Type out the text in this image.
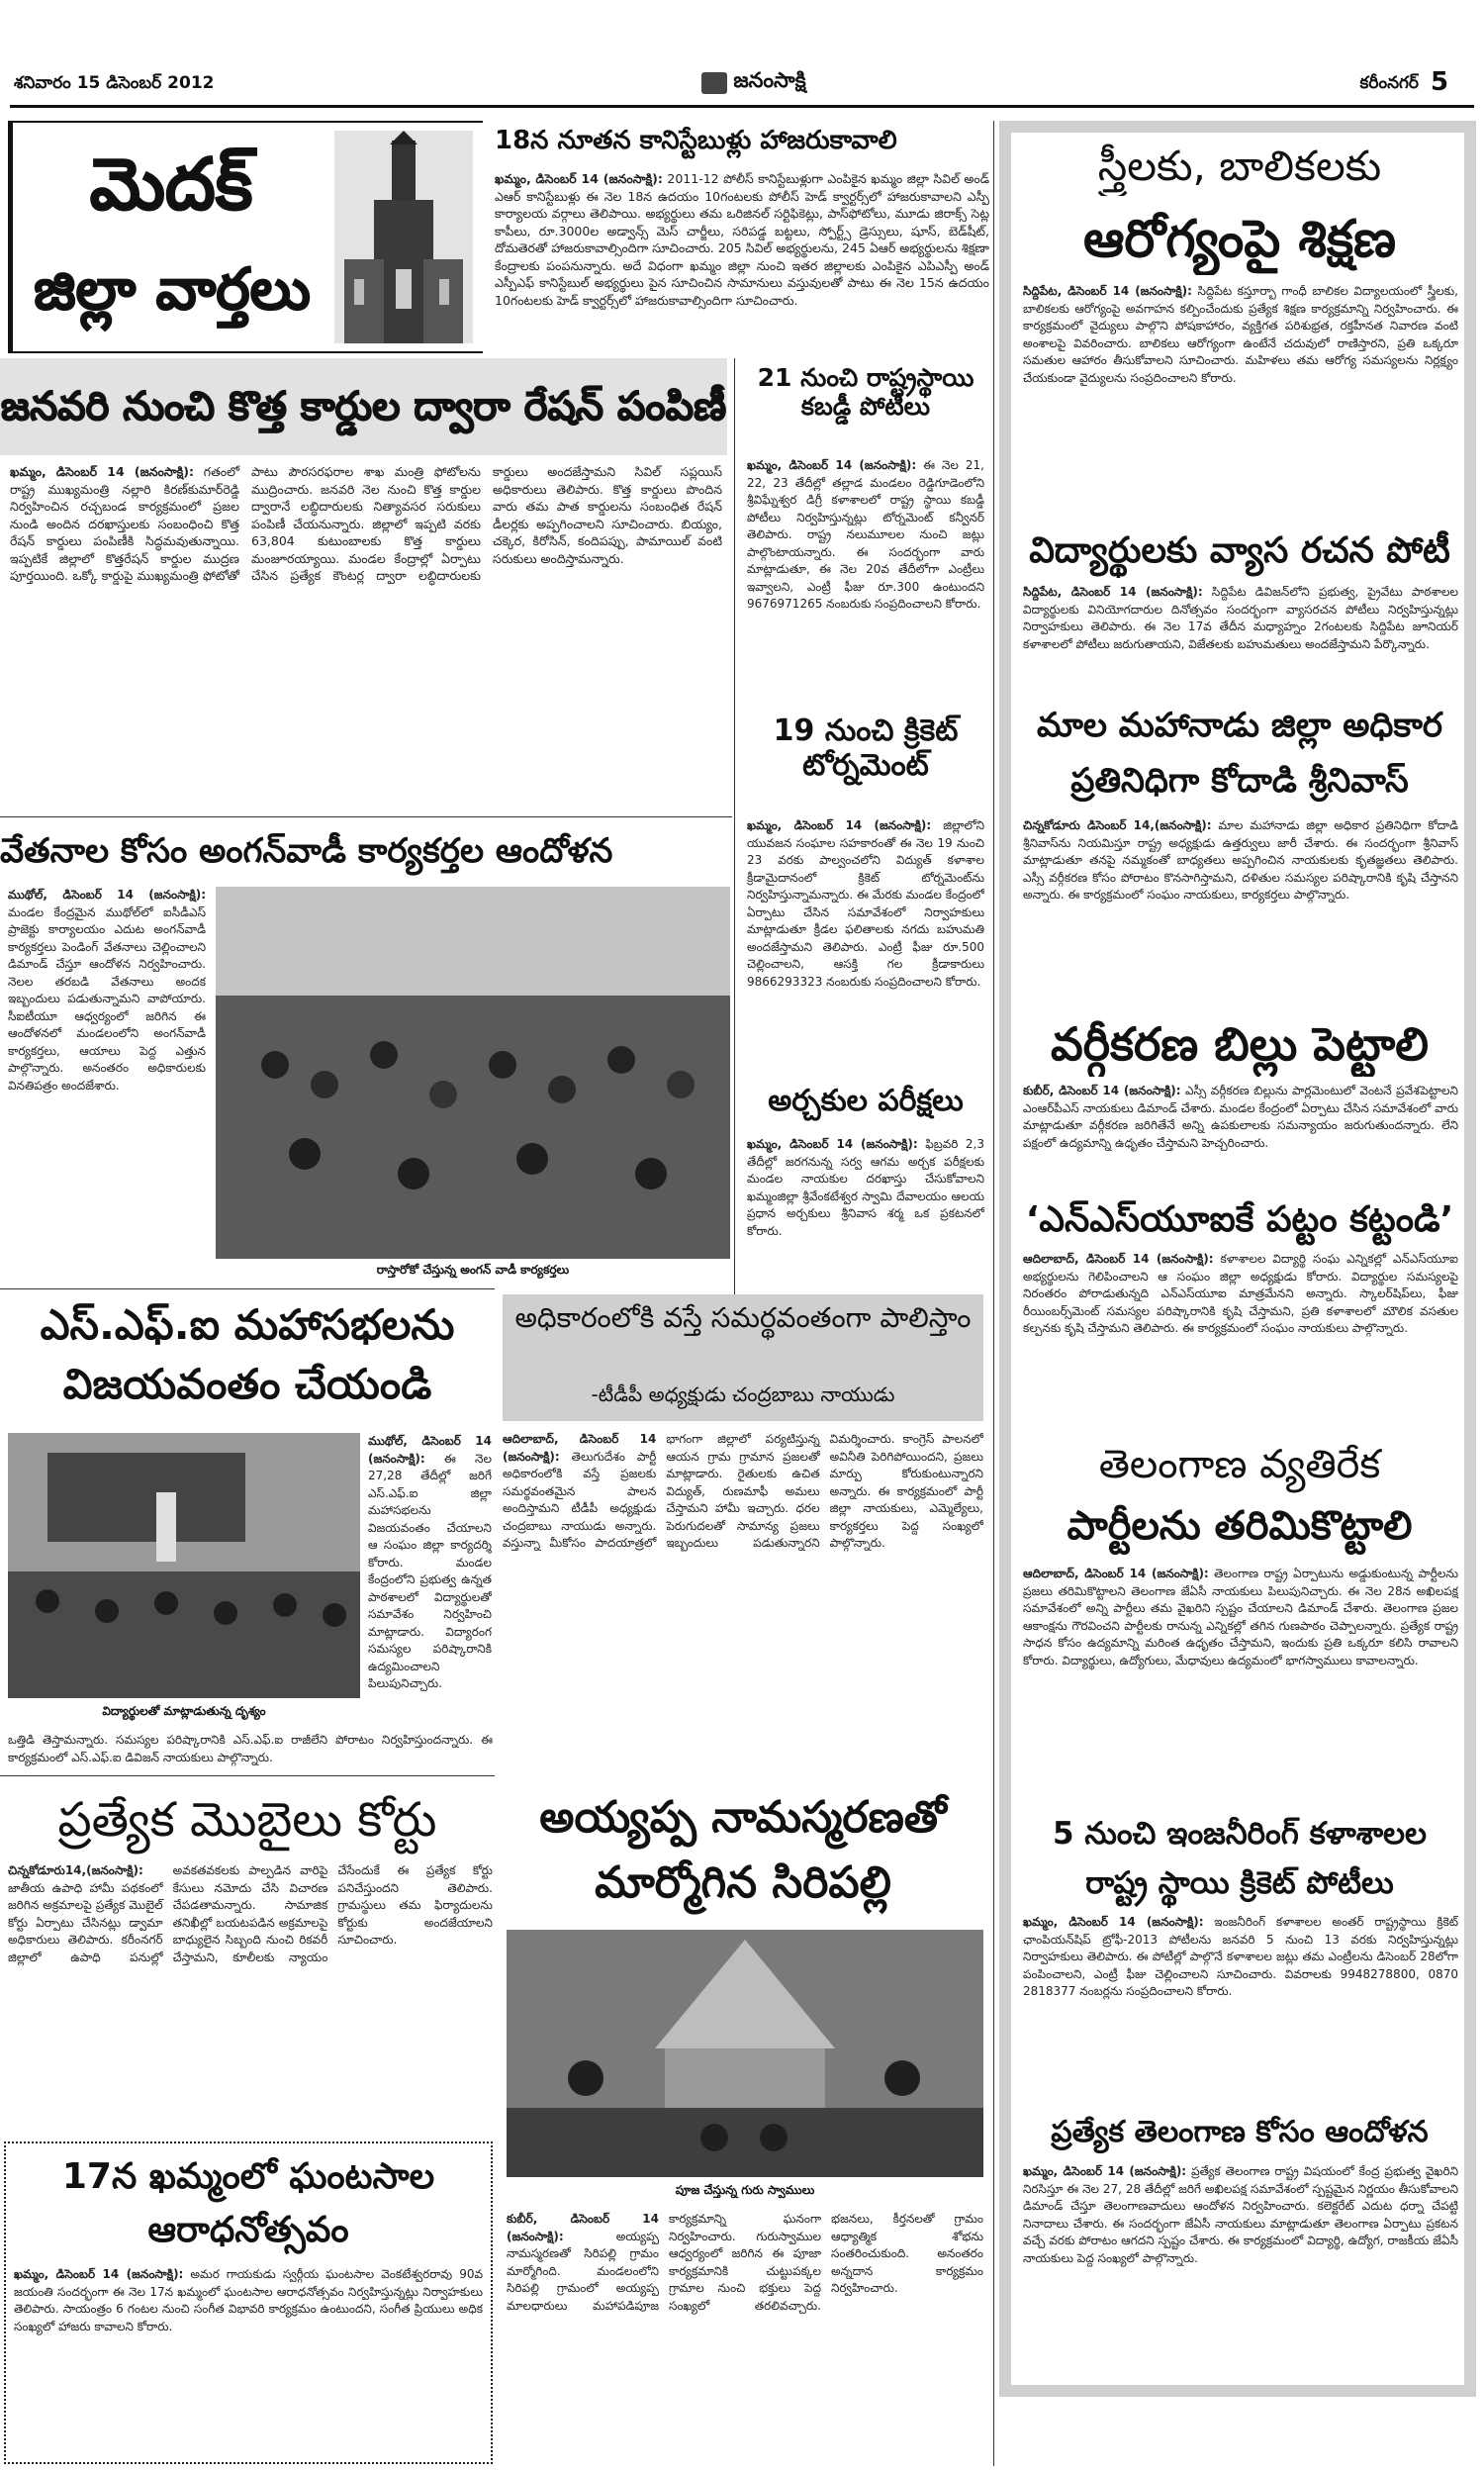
శనివారం 15 డిసెంబర్ 2012	జనంసాక్షి	కరీంనగర్ 5
మెదక్
జిల్లా వార్తలు
18న నూతన కానిస్టేబుళ్లు హాజరుకావాలి
ఖమ్మం, డిసెంబర్ 14 (జనంసాక్షి): 2011-12 పోలీస్ కానిస్టేబుళ్లుగా ఎంపికైన ఖమ్మం జిల్లా సివిల్ అండ్ ఎఆర్ కానిస్టేబుళ్లు ఈ నెల 18న ఉదయం 10గంటలకు పోలీస్ హెడ్ క్వార్టర్స్‌లో హాజరుకావాలని ఎస్పీ కార్యాలయ వర్గాలు తెలిపాయి. అభ్యర్థులు తమ ఒరిజినల్ సర్టిఫికెట్లు, పాస్‌ఫోటోలు, మూడు జిరాక్స్ సెట్ల కాపీలు, రూ.3000ల అడ్వాన్స్ మెస్ చార్జీలు, సరిపడ్డ బట్టలు, స్పోర్ట్స్ డ్రెస్సులు, షూస్, బెడ్‌షీట్, దోమతెరతో హాజరుకావాల్సిందిగా సూచించారు. 205 సివిల్ అభ్యర్థులను, 245 ఏఆర్ అభ్యర్థులను శిక్షణా కేంద్రాలకు పంపనున్నారు. అదే విధంగా ఖమ్మం జిల్లా నుంచి ఇతర జిల్లాలకు ఎంపికైన ఎపిఎస్పీ అండ్ ఎస్పీఎఫ్ కానిస్టేబుల్ అభ్యర్థులు పైన సూచించిన సామానులు వస్తువులతో పాటు ఈ నెల 15న ఉదయం 10గంటలకు హెడ్ క్వార్టర్స్‌లో హాజరుకావాల్సిందిగా సూచించారు.
జనవరి నుంచి కొత్త కార్డుల ద్వారా రేషన్ పంపిణీ
ఖమ్మం, డిసెంబర్ 14 (జనంసాక్షి): గతంలో రాష్ట్ర ముఖ్యమంత్రి నల్లారి కిరణ్‌కుమార్‌రెడ్డి నిర్వహించిన రచ్చబండ కార్యక్రమంలో ప్రజల నుండి అందిన దరఖాస్తులకు సంబంధించి కొత్త రేషన్ కార్డులు పంపిణీకి సిద్ధమవుతున్నాయి. ఇప్పటికే జిల్లాలో కొత్తరేషన్ కార్డుల ముద్రణ పూర్తయింది. ఒక్కో కార్డుపై ముఖ్యమంత్రి ఫోటోతో పాటు పౌరసరఫరాల శాఖ మంత్రి ఫోటోలను ముద్రించారు. జనవరి నెల నుంచి కొత్త కార్డుల ద్వారానే లబ్ధిదారులకు నిత్యావసర సరుకులు పంపిణీ చేయనున్నారు. జిల్లాలో ఇప్పటి వరకు 63,804 కుటుంబాలకు కొత్త కార్డులు మంజూరయ్యాయి. మండల కేంద్రాల్లో ఏర్పాటు చేసిన ప్రత్యేక కౌంటర్ల ద్వారా లబ్ధిదారులకు కార్డులు అందజేస్తామని సివిల్ సప్లయిస్ అధికారులు తెలిపారు. కొత్త కార్డులు పొందిన వారు తమ పాత కార్డులను సంబంధిత రేషన్ డీలర్లకు అప్పగించాలని సూచించారు. బియ్యం, చక్కెర, కిరోసిన్, కందిపప్పు, పామాయిల్ వంటి సరుకులు అందిస్తామన్నారు.
21 నుంచి రాష్ట్రస్థాయి కబడ్డీ పోటీలు
ఖమ్మం, డిసెంబర్ 14 (జనంసాక్షి): ఈ నెల 21, 22, 23 తేదీల్లో తల్లాడ మండలం రెడ్డిగూడెంలోని శ్రీవిఘ్నేశ్వర డిగ్రీ కళాశాలలో రాష్ట్ర స్థాయి కబడ్డీ పోటీలు నిర్వహిస్తున్నట్లు టోర్నమెంట్ కన్వీనర్ తెలిపారు. రాష్ట్ర నలుమూలల నుంచి జట్లు పాల్గొంటాయన్నారు. ఈ సందర్భంగా వారు మాట్లాడుతూ, ఈ నెల 20వ తేదీలోగా ఎంట్రీలు ఇవ్వాలని, ఎంట్రీ ఫీజు రూ.300 ఉంటుందని 9676971265 నంబరుకు సంప్రదించాలని కోరారు.
19 నుంచి క్రికెట్ టోర్నమెంట్
ఖమ్మం, డిసెంబర్ 14 (జనంసాక్షి): జిల్లాలోని యువజన సంఘాల సహకారంతో ఈ నెల 19 నుంచి 23 వరకు పాల్వంచలోని విద్యుత్ కళాశాల క్రీడామైదానంలో క్రికెట్ టోర్నమెంట్‌ను నిర్వహిస్తున్నామన్నారు. ఈ మేరకు మండల కేంద్రంలో ఏర్పాటు చేసిన సమావేశంలో నిర్వాహకులు మాట్లాడుతూ క్రీడల ఫలితాలకు నగదు బహుమతి అందజేస్తామని తెలిపారు. ఎంట్రీ ఫీజు రూ.500 చెల్లించాలని, ఆసక్తి గల క్రీడాకారులు 9866293323 నంబరుకు సంప్రదించాలని కోరారు.
అర్చకుల పరీక్షలు
ఖమ్మం, డిసెంబర్ 14 (జనంసాక్షి): ఫిబ్రవరి 2,3 తేదీల్లో జరగనున్న సర్వ ఆగమ అర్చక పరీక్షలకు మండల నాయకుల దరఖాస్తు చేసుకోవాలని ఖమ్మంజిల్లా శ్రీవేంకటేశ్వర స్వామి దేవాలయం ఆలయ ప్రధాన అర్చకులు శ్రీనివాస శర్మ ఒక ప్రకటనలో కోరారు.
వేతనాల కోసం అంగన్‌వాడీ కార్యకర్తల ఆందోళన
ముథోల్, డిసెంబర్ 14 (జనంసాక్షి): మండల కేంద్రమైన ముథోల్‌లో ఐసీడీఎస్ ప్రాజెక్టు కార్యాలయం ఎదుట అంగన్‌వాడీ కార్యకర్తలు పెండింగ్ వేతనాలు చెల్లించాలని డిమాండ్ చేస్తూ ఆందోళన నిర్వహించారు. నెలల తరబడి వేతనాలు అందక ఇబ్బందులు పడుతున్నామని వాపోయారు. సీఐటీయూ ఆధ్వర్యంలో జరిగిన ఈ ఆందోళనలో మండలంలోని అంగన్‌వాడీ కార్యకర్తలు, ఆయాలు పెద్ద ఎత్తున పాల్గొన్నారు. అనంతరం అధికారులకు వినతిపత్రం అందజేశారు.
రాస్తారోకో చేస్తున్న అంగన్ వాడీ కార్యకర్తలు
ఎస్.ఎఫ్.ఐ మహాసభలను
విజయవంతం చేయండి
విద్యార్థులతో మాట్లాడుతున్న దృశ్యం
ముథోల్, డిసెంబర్ 14 (జనంసాక్షి): ఈ నెల 27,28 తేదీల్లో జరిగే ఎస్.ఎఫ్.ఐ జిల్లా మహాసభలను విజయవంతం చేయాలని ఆ సంఘం జిల్లా కార్యదర్శి కోరారు. మండల కేంద్రంలోని ప్రభుత్వ ఉన్నత పాఠశాలలో విద్యార్థులతో సమావేశం నిర్వహించి మాట్లాడారు. విద్యారంగ సమస్యల పరిష్కారానికి ఉద్యమించాలని పిలుపునిచ్చారు.
ఒత్తిడి తెస్తామన్నారు. సమస్యల పరిష్కారానికి ఎస్.ఎఫ్.ఐ రాజీలేని పోరాటం నిర్వహిస్తుందన్నారు. ఈ కార్యక్రమంలో ఎస్.ఎఫ్.ఐ డివిజన్ నాయకులు పాల్గొన్నారు.
అధికారంలోకి వస్తే సమర్థవంతంగా పాలిస్తాం
-టీడీపీ అధ్యక్షుడు చంద్రబాబు నాయుడు
ఆదిలాబాద్, డిసెంబర్ 14 (జనంసాక్షి): తెలుగుదేశం పార్టీ అధికారంలోకి వస్తే ప్రజలకు సమర్థవంతమైన పాలన అందిస్తామని టీడీపీ అధ్యక్షుడు చంద్రబాబు నాయుడు అన్నారు. వస్తున్నా మీకోసం పాదయాత్రలో భాగంగా జిల్లాలో పర్యటిస్తున్న ఆయన గ్రామ గ్రామాన ప్రజలతో మాట్లాడారు. రైతులకు ఉచిత విద్యుత్, రుణమాఫీ అమలు చేస్తామని హామీ ఇచ్చారు. ధరల పెరుగుదలతో సామాన్య ప్రజలు ఇబ్బందులు పడుతున్నారని విమర్శించారు. కాంగ్రెస్ పాలనలో అవినీతి పెరిగిపోయిందని, ప్రజలు మార్పు కోరుకుంటున్నారని అన్నారు. ఈ కార్యక్రమంలో పార్టీ జిల్లా నాయకులు, ఎమ్మెల్యేలు, కార్యకర్తలు పెద్ద సంఖ్యలో పాల్గొన్నారు.
ప్రత్యేక మొబైలు కోర్టు
చిన్నకోడూరు14,(జనంసాక్షి): జాతీయ ఉపాధి హామీ పథకంలో జరిగిన అక్రమాలపై ప్రత్యేక మొబైల్ కోర్టు ఏర్పాటు చేసినట్లు డ్వామా అధికారులు తెలిపారు. కరీంనగర్ జిల్లాలో ఉపాధి పనుల్లో అవకతవకలకు పాల్పడిన వారిపై కేసులు నమోదు చేసి విచారణ చేపడతామన్నారు. సామాజిక తనిఖీల్లో బయటపడిన అక్రమాలపై బాధ్యులైన సిబ్బంది నుంచి రికవరీ చేస్తామని, కూలీలకు న్యాయం చేసేందుకే ఈ ప్రత్యేక కోర్టు పనిచేస్తుందని తెలిపారు. గ్రామస్థులు తమ ఫిర్యాదులను కోర్టుకు అందజేయాలని సూచించారు.
17న ఖమ్మంలో ఘంటసాల
ఆరాధనోత్సవం
ఖమ్మం, డిసెంబర్ 14 (జనంసాక్షి): అమర గాయకుడు స్వర్గీయ ఘంటసాల వెంకటేశ్వరరావు 90వ జయంతి సందర్భంగా ఈ నెల 17న ఖమ్మంలో ఘంటసాల ఆరాధనోత్సవం నిర్వహిస్తున్నట్లు నిర్వాహకులు తెలిపారు. సాయంత్రం 6 గంటల నుంచి సంగీత విభావరి కార్యక్రమం ఉంటుందని, సంగీత ప్రియులు అధిక సంఖ్యలో హాజరు కావాలని కోరారు.
అయ్యప్ప నామస్మరణతో మార్మోగిన సిరిపల్లి
పూజ చేస్తున్న గురు స్వాములు
కుబీర్, డిసెంబర్ 14 (జనంసాక్షి):	అయ్యప్ప నామస్మరణతో సిరిపల్లి గ్రామం మార్మోగింది. మండలంలోని సిరిపల్లి గ్రామంలో అయ్యప్ప మాలధారులు మహాపడిపూజ కార్యక్రమాన్ని ఘనంగా నిర్వహించారు. గురుస్వాముల ఆధ్వర్యంలో జరిగిన ఈ పూజా కార్యక్రమానికి చుట్టుపక్కల గ్రామాల నుంచి భక్తులు పెద్ద సంఖ్యలో తరలివచ్చారు. భజనలు, కీర్తనలతో గ్రామం ఆధ్యాత్మిక శోభను సంతరించుకుంది. అనంతరం అన్నదాన కార్యక్రమం నిర్వహించారు.
స్త్రీలకు, బాలికలకు
ఆరోగ్యంపై శిక్షణ
సిద్దిపేట, డిసెంబర్ 14 (జనంసాక్షి): సిద్దిపేట కస్తూర్బా గాంధీ బాలికల విద్యాలయంలో స్త్రీలకు, బాలికలకు ఆరోగ్యంపై అవగాహన కల్పించేందుకు ప్రత్యేక శిక్షణ కార్యక్రమాన్ని నిర్వహించారు. ఈ కార్యక్రమంలో వైద్యులు పాల్గొని పోషకాహారం, వ్యక్తిగత పరిశుభ్రత, రక్తహీనత నివారణ వంటి అంశాలపై వివరించారు. బాలికలు ఆరోగ్యంగా ఉంటేనే చదువులో రాణిస్తారని, ప్రతి ఒక్కరూ సమతుల ఆహారం తీసుకోవాలని సూచించారు. మహిళలు తమ ఆరోగ్య సమస్యలను నిర్లక్ష్యం చేయకుండా వైద్యులను సంప్రదించాలని కోరారు.
విద్యార్థులకు వ్యాస రచన పోటీ
సిద్దిపేట, డిసెంబర్ 14 (జనంసాక్షి): సిద్దిపేట డివిజన్‌లోని ప్రభుత్వ, ప్రైవేటు పాఠశాలల విద్యార్థులకు వినియోగదారుల దినోత్సవం సందర్భంగా వ్యాసరచన పోటీలు నిర్వహిస్తున్నట్లు నిర్వాహకులు తెలిపారు. ఈ నెల 17వ తేదీన మధ్యాహ్నం 2గంటలకు సిద్దిపేట జూనియర్ కళాశాలలో పోటీలు జరుగుతాయని, విజేతలకు బహుమతులు అందజేస్తామని పేర్కొన్నారు.
మాల మహానాడు జిల్లా అధికార
ప్రతినిధిగా కోదాడి శ్రీనివాస్
చిన్నకోడూరు డిసెంబర్ 14,(జనంసాక్షి): మాల మహానాడు జిల్లా అధికార ప్రతినిధిగా కోదాడి శ్రీనివాస్‌ను నియమిస్తూ రాష్ట్ర అధ్యక్షుడు ఉత్తర్వులు జారీ చేశారు. ఈ సందర్భంగా శ్రీనివాస్ మాట్లాడుతూ తనపై నమ్మకంతో బాధ్యతలు అప్పగించిన నాయకులకు కృతజ్ఞతలు తెలిపారు. ఎస్సీ వర్గీకరణ కోసం పోరాటం కొనసాగిస్తామని, దళితుల సమస్యల పరిష్కారానికి కృషి చేస్తానని అన్నారు. ఈ కార్యక్రమంలో సంఘం నాయకులు, కార్యకర్తలు పాల్గొన్నారు.
వర్గీకరణ బిల్లు పెట్టాలి
కుబీర్, డిసెంబర్ 14 (జనంసాక్షి): ఎస్సీ వర్గీకరణ బిల్లును పార్లమెంటులో వెంటనే ప్రవేశపెట్టాలని ఎంఆర్‌పీఎస్ నాయకులు డిమాండ్ చేశారు. మండల కేంద్రంలో ఏర్పాటు చేసిన సమావేశంలో వారు మాట్లాడుతూ వర్గీకరణ జరిగితేనే అన్ని ఉపకులాలకు సమన్యాయం జరుగుతుందన్నారు. లేని పక్షంలో ఉద్యమాన్ని ఉధృతం చేస్తామని హెచ్చరించారు.
‘ఎన్ఎస్‌యూఐకే పట్టం కట్టండి’
ఆదిలాబాద్, డిసెంబర్ 14 (జనంసాక్షి): కళాశాలల విద్యార్థి సంఘ ఎన్నికల్లో ఎన్ఎస్‌యూఐ అభ్యర్థులను గెలిపించాలని ఆ సంఘం జిల్లా అధ్యక్షుడు కోరారు. విద్యార్థుల సమస్యలపై నిరంతరం పోరాడుతున్నది ఎన్ఎస్‌యూఐ మాత్రమేనని అన్నారు. స్కాలర్‌షిప్‌లు, ఫీజు రీయింబర్స్‌మెంట్ సమస్యల పరిష్కారానికి కృషి చేస్తామని, ప్రతి కళాశాలలో మౌలిక వసతుల కల్పనకు కృషి చేస్తామని తెలిపారు. ఈ కార్యక్రమంలో సంఘం నాయకులు పాల్గొన్నారు.
తెలంగాణ వ్యతిరేక
పార్టీలను తరిమికొట్టాలి
ఆదిలాబాద్, డిసెంబర్ 14 (జనంసాక్షి): తెలంగాణ రాష్ట్ర ఏర్పాటును అడ్డుకుంటున్న పార్టీలను ప్రజలు తరిమికొట్టాలని తెలంగాణ జేఏసీ నాయకులు పిలుపునిచ్చారు. ఈ నెల 28న అఖిలపక్ష సమావేశంలో అన్ని పార్టీలు తమ వైఖరిని స్పష్టం చేయాలని డిమాండ్ చేశారు. తెలంగాణ ప్రజల ఆకాంక్షను గౌరవించని పార్టీలకు రానున్న ఎన్నికల్లో తగిన గుణపాఠం చెప్పాలన్నారు. ప్రత్యేక రాష్ట్ర సాధన కోసం ఉద్యమాన్ని మరింత ఉధృతం చేస్తామని, ఇందుకు ప్రతి ఒక్కరూ కలిసి రావాలని కోరారు. విద్యార్థులు, ఉద్యోగులు, మేధావులు ఉద్యమంలో భాగస్వాములు కావాలన్నారు.
5 నుంచి ఇంజనీరింగ్ కళాశాలల
రాష్ట్ర స్థాయి క్రికెట్ పోటీలు
ఖమ్మం, డిసెంబర్ 14 (జనంసాక్షి): ఇంజనీరింగ్ కళాశాలల అంతర్ రాష్ట్రస్థాయి క్రికెట్ ఛాంపియన్‌షిప్ ట్రోఫీ-2013 పోటీలను జనవరి 5 నుంచి 13 వరకు నిర్వహిస్తున్నట్లు నిర్వాహకులు తెలిపారు. ఈ పోటీల్లో పాల్గొనే కళాశాలల జట్లు తమ ఎంట్రీలను డిసెంబర్ 28లోగా పంపించాలని, ఎంట్రీ ఫీజు చెల్లించాలని సూచించారు. వివరాలకు 9948278800, 0870 2818377 నంబర్లను సంప్రదించాలని కోరారు.
ప్రత్యేక తెలంగాణ కోసం ఆందోళన
ఖమ్మం, డిసెంబర్ 14 (జనంసాక్షి): ప్రత్యేక తెలంగాణ రాష్ట్ర విషయంలో కేంద్ర ప్రభుత్వ వైఖరిని నిరసిస్తూ ఈ నెల 27, 28 తేదీల్లో జరిగే అఖిలపక్ష సమావేశంలో స్పష్టమైన నిర్ణయం తీసుకోవాలని డిమాండ్ చేస్తూ తెలంగాణవాదులు ఆందోళన నిర్వహించారు. కలెక్టరేట్ ఎదుట ధర్నా చేపట్టి నినాదాలు చేశారు. ఈ సందర్భంగా జేఏసీ నాయకులు మాట్లాడుతూ తెలంగాణ ఏర్పాటు ప్రకటన వచ్చే వరకు పోరాటం ఆగదని స్పష్టం చేశారు. ఈ కార్యక్రమంలో విద్యార్థి, ఉద్యోగ, రాజకీయ జేఏసీ నాయకులు పెద్ద సంఖ్యలో పాల్గొన్నారు.
